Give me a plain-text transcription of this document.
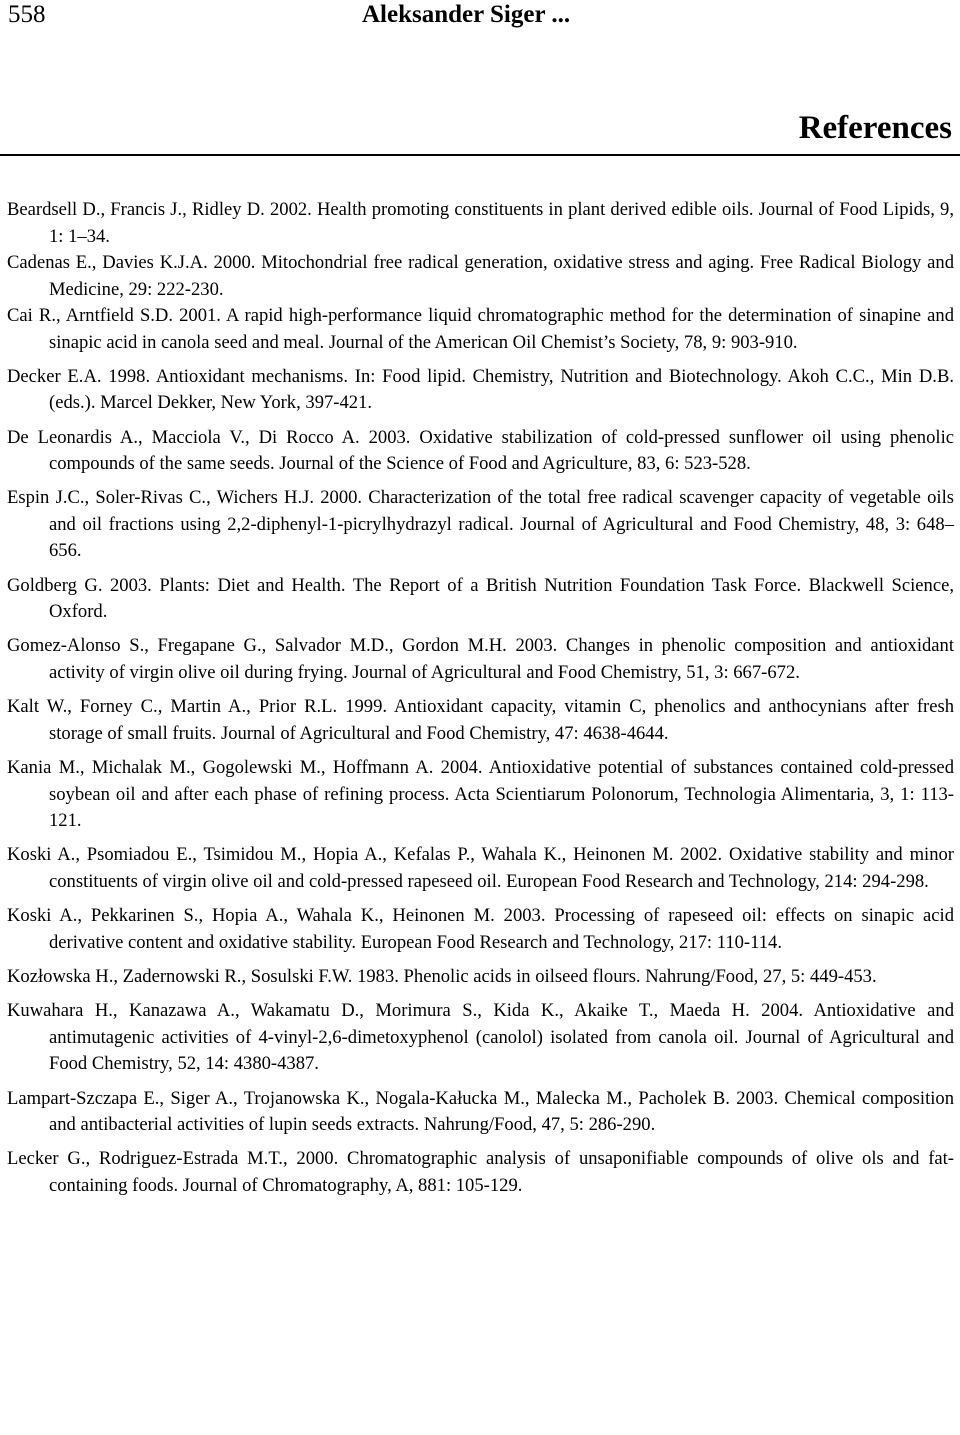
558	Aleksander Siger ...
References
Beardsell D., Francis J., Ridley D. 2002. Health promoting constituents in plant derived edible oils. Journal of Food Lipids, 9, 1: 1–34.
Cadenas E., Davies K.J.A. 2000. Mitochondrial free radical generation, oxidative stress and aging. Free Radical Biology and Medicine, 29: 222-230.
Cai R., Arntfield S.D. 2001. A rapid high-performance liquid chromatographic method for the determination of sinapine and sinapic acid in canola seed and meal. Journal of the American Oil Chemist’s Society, 78, 9: 903-910.
Decker E.A. 1998. Antioxidant mechanisms. In: Food lipid. Chemistry, Nutrition and Biotechnology. Akoh C.C., Min D.B. (eds.). Marcel Dekker, New York, 397-421.
De Leonardis A., Macciola V., Di Rocco A. 2003. Oxidative stabilization of cold-pressed sunflower oil using phenolic compounds of the same seeds. Journal of the Science of Food and Agriculture, 83, 6: 523-528.
Espin J.C., Soler-Rivas C., Wichers H.J. 2000. Characterization of the total free radical scavenger capacity of vegetable oils and oil fractions using 2,2-diphenyl-1-picrylhydrazyl radical. Journal of Agricultural and Food Chemistry, 48, 3: 648–656.
Goldberg G. 2003. Plants: Diet and Health. The Report of a British Nutrition Foundation Task Force. Blackwell Science, Oxford.
Gomez-Alonso S., Fregapane G., Salvador M.D., Gordon M.H. 2003. Changes in phenolic composition and antioxidant activity of virgin olive oil during frying. Journal of Agricultural and Food Chemistry, 51, 3: 667-672.
Kalt W., Forney C., Martin A., Prior R.L. 1999. Antioxidant capacity, vitamin C, phenolics and anthocynians after fresh storage of small fruits. Journal of Agricultural and Food Chemistry, 47: 4638-4644.
Kania M., Michalak M., Gogolewski M., Hoffmann A. 2004. Antioxidative potential of substances contained cold-pressed soybean oil and after each phase of refining process. Acta Scientiarum Polonorum, Technologia Alimentaria, 3, 1: 113-121.
Koski A., Psomiadou E., Tsimidou M., Hopia A., Kefalas P., Wahala K., Heinonen M. 2002. Oxidative stability and minor constituents of virgin olive oil and cold-pressed rapeseed oil. European Food Research and Technology, 214: 294-298.
Koski A., Pekkarinen S., Hopia A., Wahala K., Heinonen M. 2003. Processing of rapeseed oil: effects on sinapic acid derivative content and oxidative stability. European Food Research and Technology, 217: 110-114.
Kozłowska H., Zadernowski R., Sosulski F.W. 1983. Phenolic acids in oilseed flours. Nahrung/Food, 27, 5: 449-453.
Kuwahara H., Kanazawa A., Wakamatu D., Morimura S., Kida K., Akaike T., Maeda H. 2004. Antioxidative and antimutagenic activities of 4-vinyl-2,6-dimetoxyphenol (canolol) isolated from canola oil. Journal of Agricultural and Food Chemistry, 52, 14: 4380-4387.
Lampart-Szczapa E., Siger A., Trojanowska K., Nogala-Kałucka M., Malecka M., Pacholek B. 2003. Chemical composition and antibacterial activities of lupin seeds extracts. Nahrung/Food, 47, 5: 286-290.
Lecker G., Rodriguez-Estrada M.T., 2000. Chromatographic analysis of unsaponifiable compounds of olive ols and fat-containing foods. Journal of Chromatography, A, 881: 105-129.
